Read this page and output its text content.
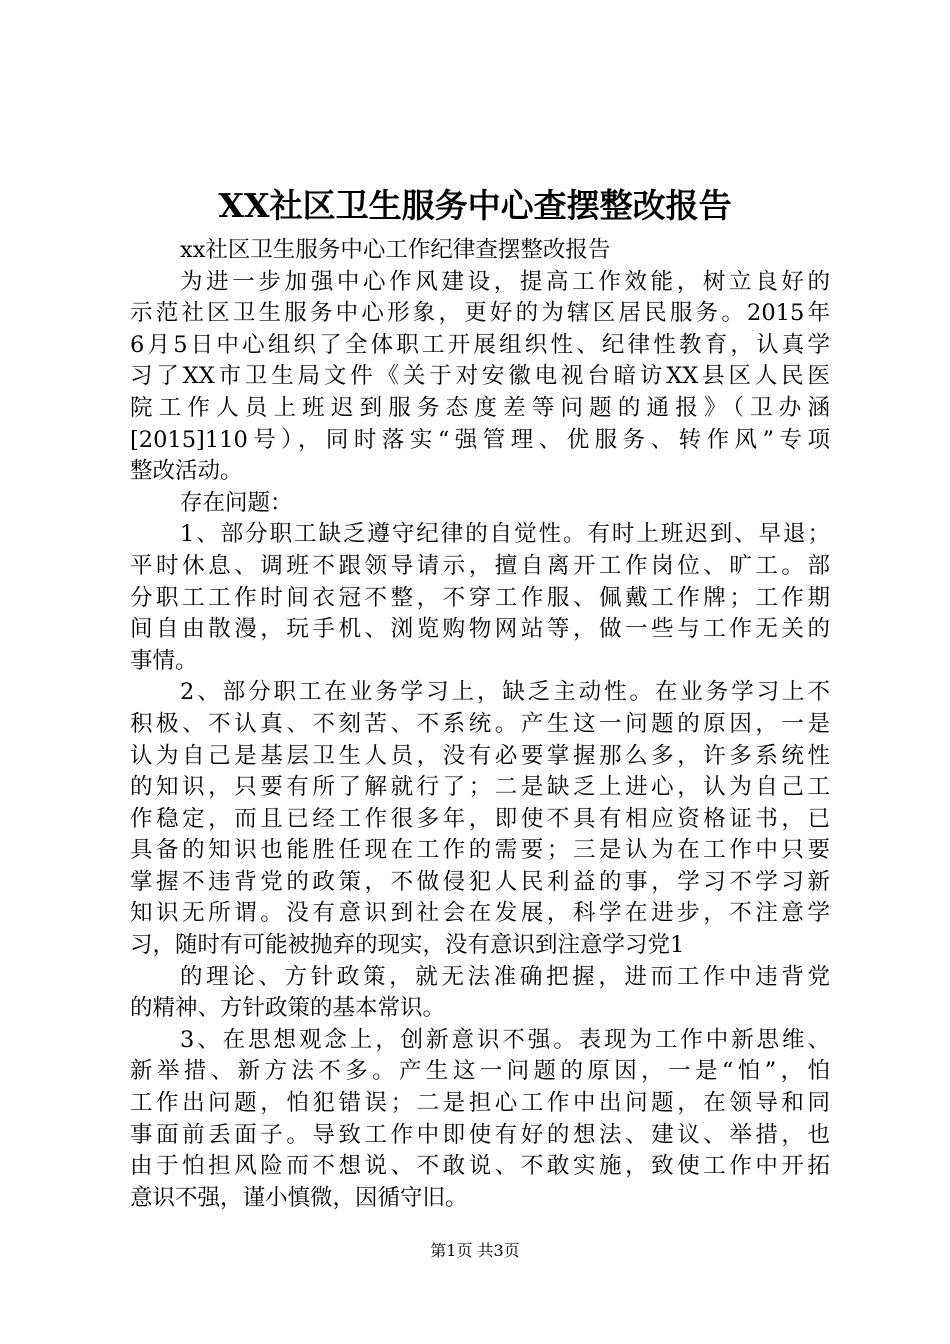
XX社区卫生服务中心查摆整改报告
xx社区卫生服务中心工作纪律查摆整改报告
为进一步加强中心作风建设，提高工作效能，树立良好的
示范社区卫生服务中心形象，更好的为辖区居民服务。2015年
6月5日中心组织了全体职工开展组织性、纪律性教育，认真学
习了XX市卫生局文件《关于对安徽电视台暗访XX县区人民医
院工作人员上班迟到服务态度差等问题的通报》（卫办涵
[2015]110号），同时落实“强管理、优服务、转作风”专项
整改活动。
存在问题：
1、部分职工缺乏遵守纪律的自觉性。有时上班迟到、早退；
平时休息、调班不跟领导请示，擅自离开工作岗位、旷工。部
分职工工作时间衣冠不整，不穿工作服、佩戴工作牌；工作期
间自由散漫，玩手机、浏览购物网站等，做一些与工作无关的
事情。
2、部分职工在业务学习上，缺乏主动性。在业务学习上不
积极、不认真、不刻苦、不系统。产生这一问题的原因，一是
认为自己是基层卫生人员，没有必要掌握那么多，许多系统性
的知识，只要有所了解就行了；二是缺乏上进心，认为自己工
作稳定，而且已经工作很多年，即使不具有相应资格证书，已
具备的知识也能胜任现在工作的需要；三是认为在工作中只要
掌握不违背党的政策，不做侵犯人民利益的事，学习不学习新
知识无所谓。没有意识到社会在发展，科学在进步，不注意学
习，随时有可能被抛弃的现实，没有意识到注意学习党1
的理论、方针政策，就无法准确把握，进而工作中违背党
的精神、方针政策的基本常识。
3、在思想观念上，创新意识不强。表现为工作中新思维、
新举措、新方法不多。产生这一问题的原因，一是“怕”，怕
工作出问题，怕犯错误；二是担心工作中出问题，在领导和同
事面前丢面子。导致工作中即使有好的想法、建议、举措，也
由于怕担风险而不想说、不敢说、不敢实施，致使工作中开拓
意识不强，谨小慎微，因循守旧。
第1页 共3页
